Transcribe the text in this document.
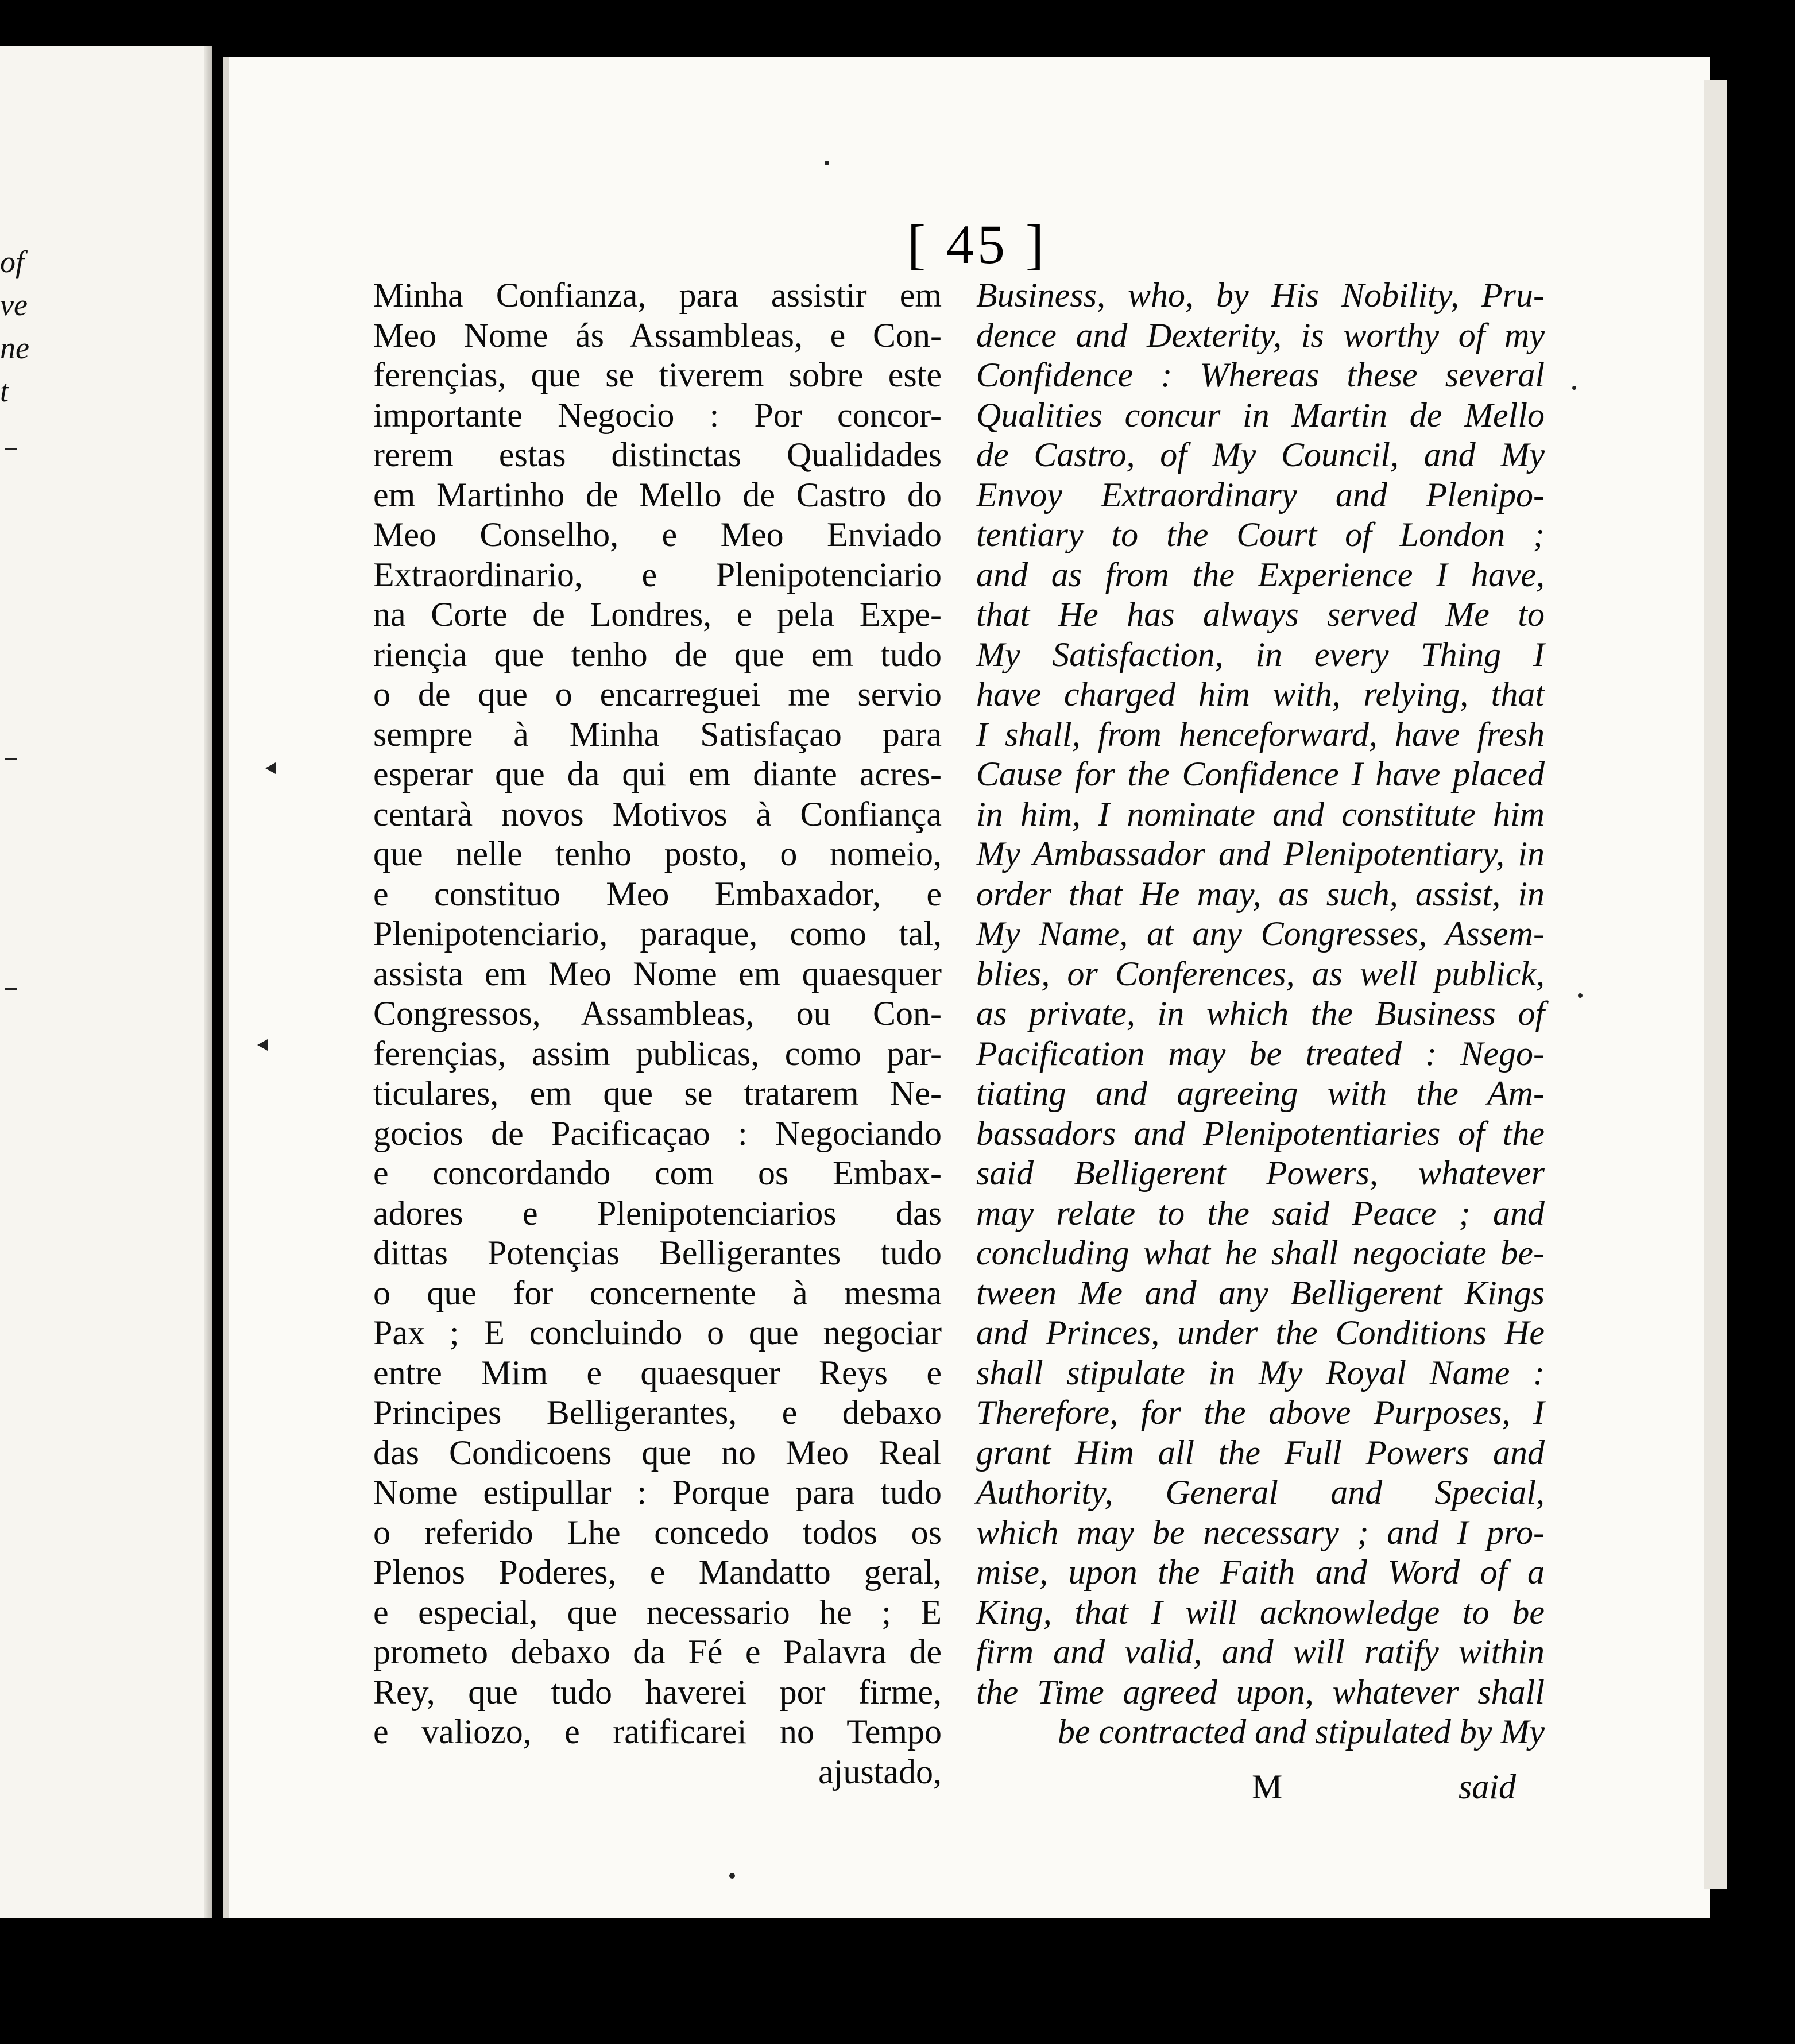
of
ve
ne
t
[ 45 ]
Minha Confianza, para assistir em
Meo Nome ás Assambleas, e Con-
ferençias, que se tiverem sobre este
importante Negocio : Por concor-
rerem estas distinctas Qualidades
em Martinho de Mello de Castro do
Meo Conselho, e Meo Enviado
Extraordinario, e Plenipotenciario
na Corte de Londres, e pela Expe-
riençia que tenho de que em tudo
o de que o encarreguei me servio
sempre à Minha Satisfaçao para
esperar que da qui em diante acres-
centarà novos Motivos à Confiança
que nelle tenho posto, o nomeio,
e constituo Meo Embaxador, e
Plenipotenciario, paraque, como tal,
assista em Meo Nome em quaesquer
Congressos, Assambleas, ou Con-
ferençias, assim publicas, como par-
ticulares, em que se tratarem Ne-
gocios de Pacificaçao : Negociando
e concordando com os Embax-
adores e Plenipotenciarios das
dittas Potençias Belligerantes tudo
o que for concernente à mesma
Pax ; E concluindo o que negociar
entre Mim e quaesquer Reys e
Principes Belligerantes, e debaxo
das Condicoens que no Meo Real
Nome estipullar : Porque para tudo
o referido Lhe concedo todos os
Plenos Poderes, e Mandatto geral,
e especial, que necessario he ; E
prometo debaxo da Fé e Palavra de
Rey, que tudo haverei por firme,
e valiozo, e ratificarei no Tempo
ajustado,
Business, who, by His Nobility, Pru-
dence and Dexterity, is worthy of my
Confidence : Whereas these several
Qualities concur in Martin de Mello
de Castro, of My Council, and My
Envoy Extraordinary and Plenipo-
tentiary to the Court of London ;
and as from the Experience I have,
that He has always served Me to
My Satisfaction, in every Thing I
have charged him with, relying, that
I shall, from henceforward, have fresh
Cause for the Confidence I have placed
in him, I nominate and constitute him
My Ambassador and Plenipotentiary, in
order that He may, as such, assist, in
My Name, at any Congresses, Assem-
blies, or Conferences, as well publick,
as private, in which the Business of
Pacification may be treated : Nego-
tiating and agreeing with the Am-
bassadors and Plenipotentiaries of the
said Belligerent Powers, whatever
may relate to the said Peace ; and
concluding what he shall negociate be-
tween Me and any Belligerent Kings
and Princes, under the Conditions He
shall stipulate in My Royal Name :
Therefore, for the above Purposes, I
grant Him all the Full Powers and
Authority, General and Special,
which may be necessary ; and I pro-
mise, upon the Faith and Word of a
King, that I will acknowledge to be
firm and valid, and will ratify within
the Time agreed upon, whatever shall
be contracted and stipulated by My
M	said
